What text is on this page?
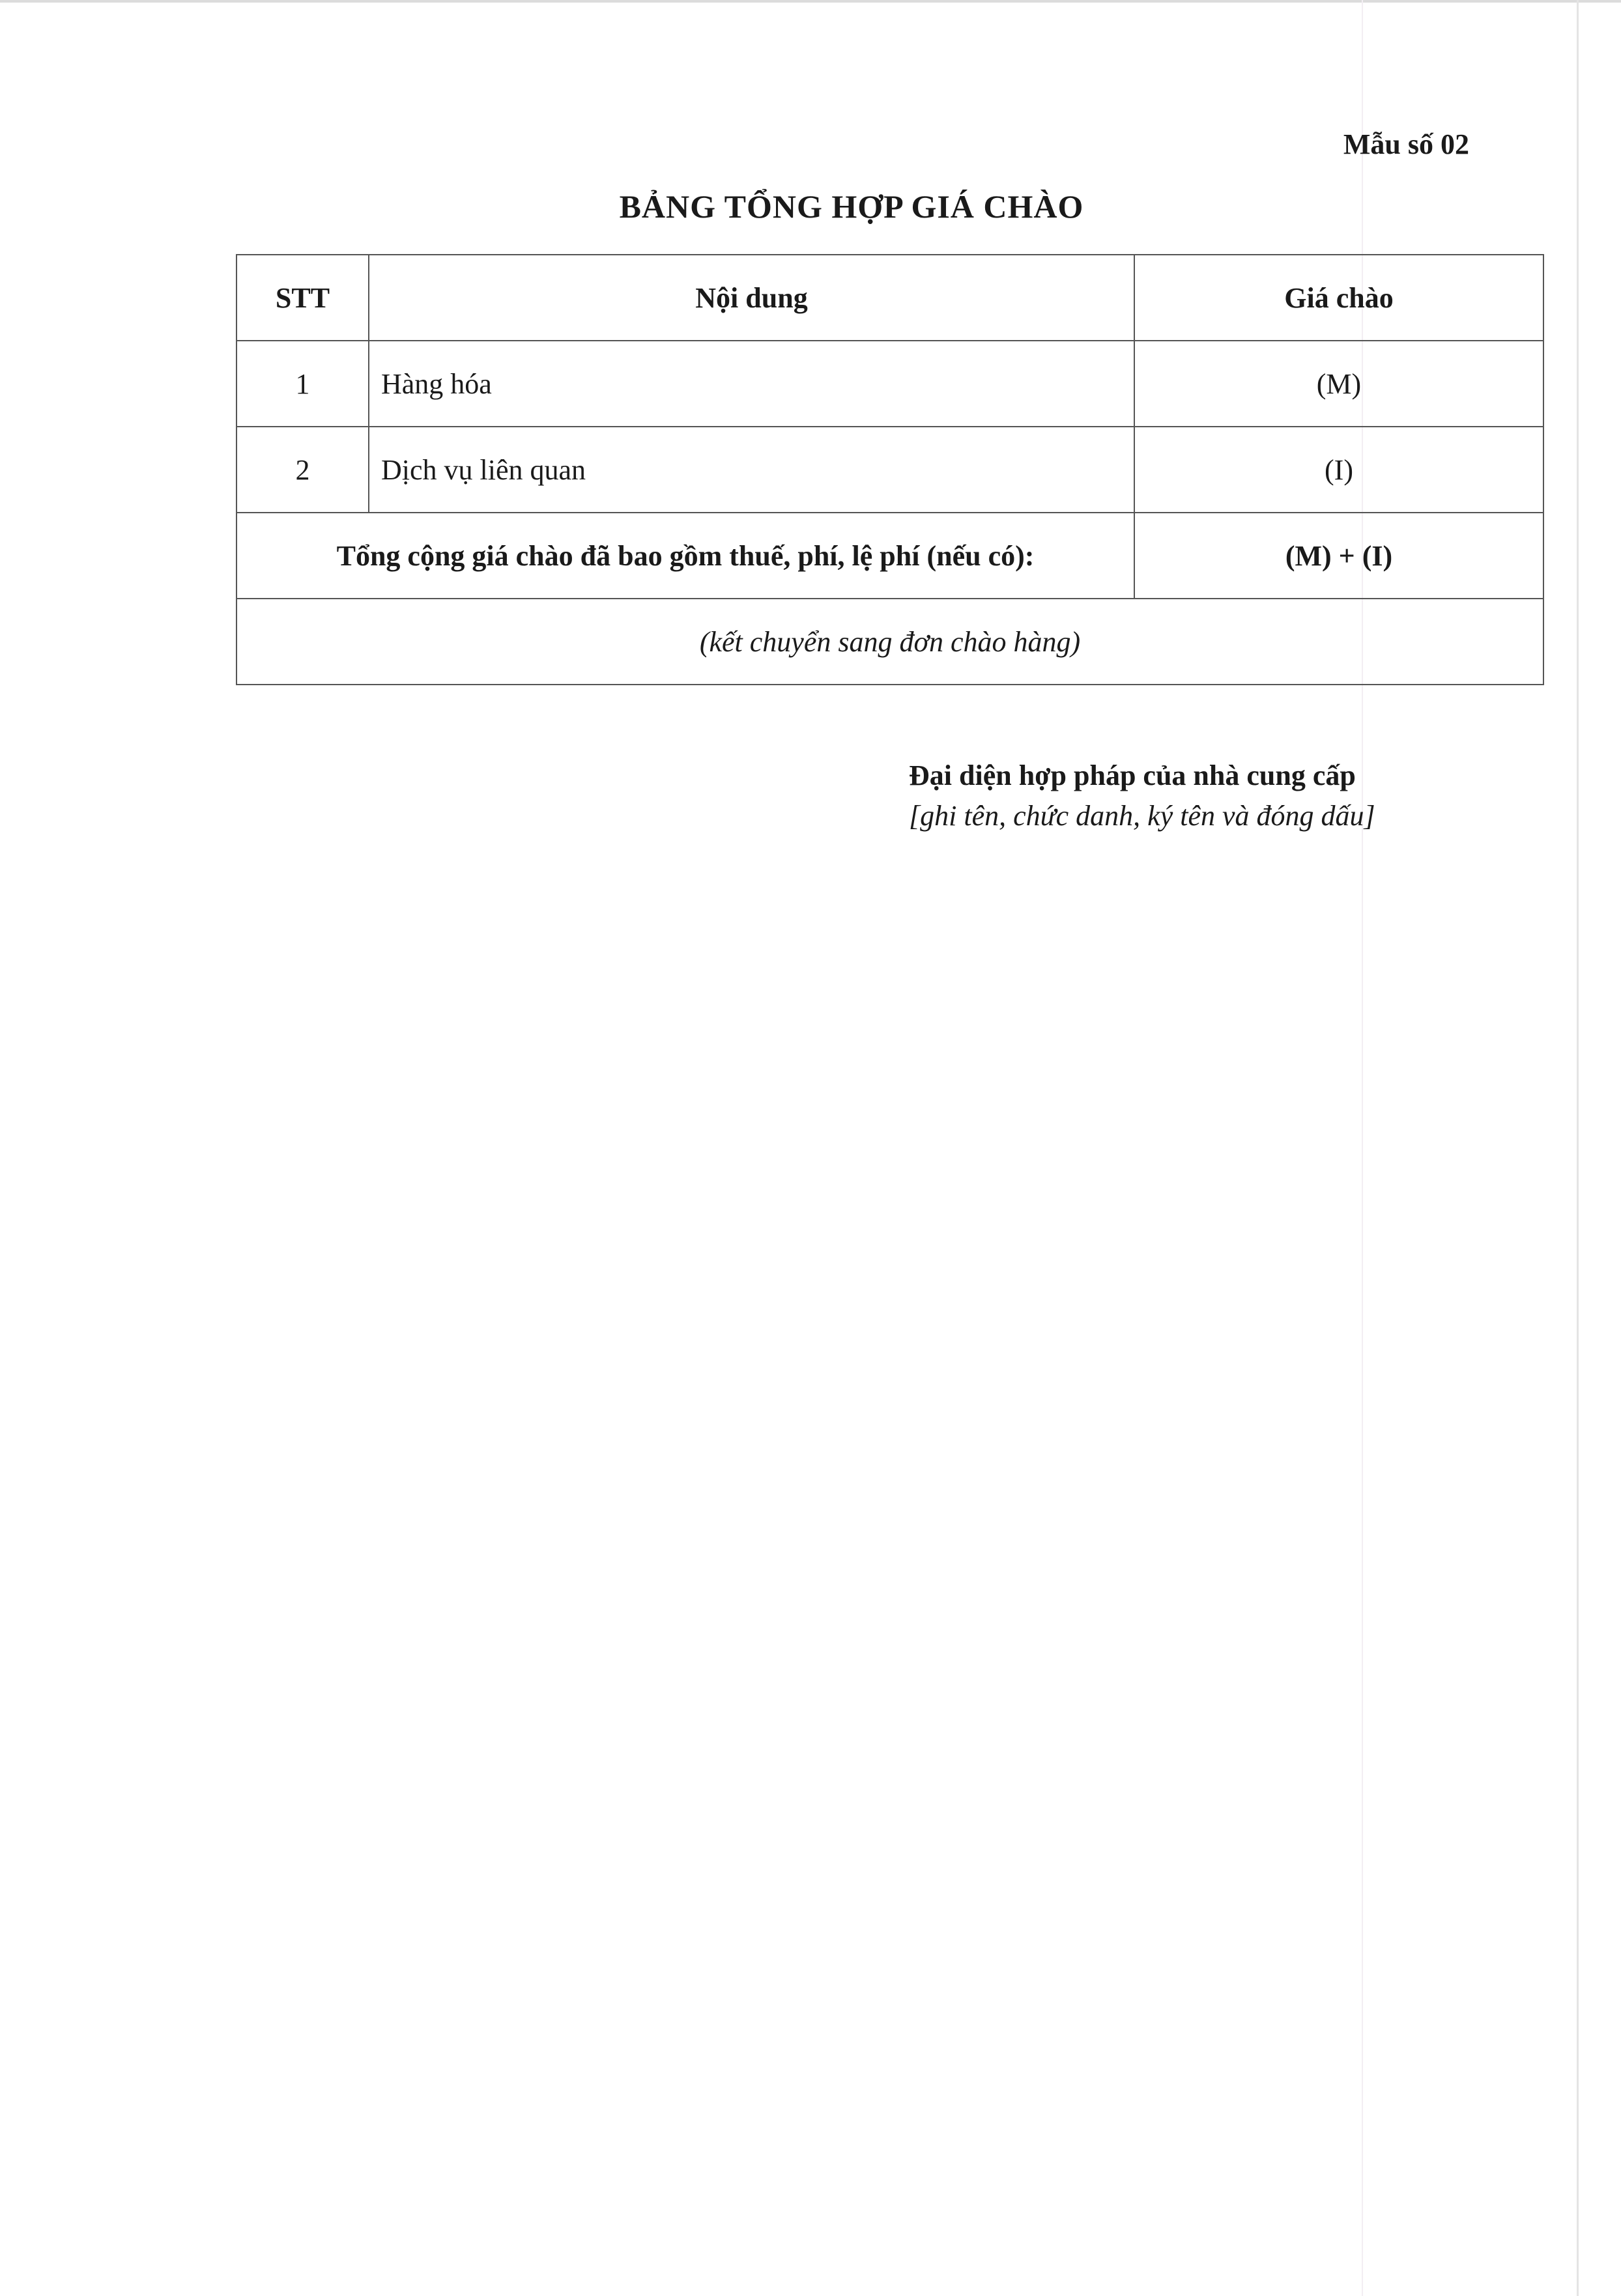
Mẫu số 02
BẢNG TỔNG HỢP GIÁ CHÀO
STT	Nội dung	Giá chào
1	Hàng hóa	(M)
2	Dịch vụ liên quan	(I)
Tổng cộng giá chào đã bao gồm thuế, phí, lệ phí (nếu có):		(M) + (I)
(kết chuyển sang đơn chào hàng)		
Đại diện hợp pháp của nhà cung cấp
[ghi tên, chức danh, ký tên và đóng dấu]
